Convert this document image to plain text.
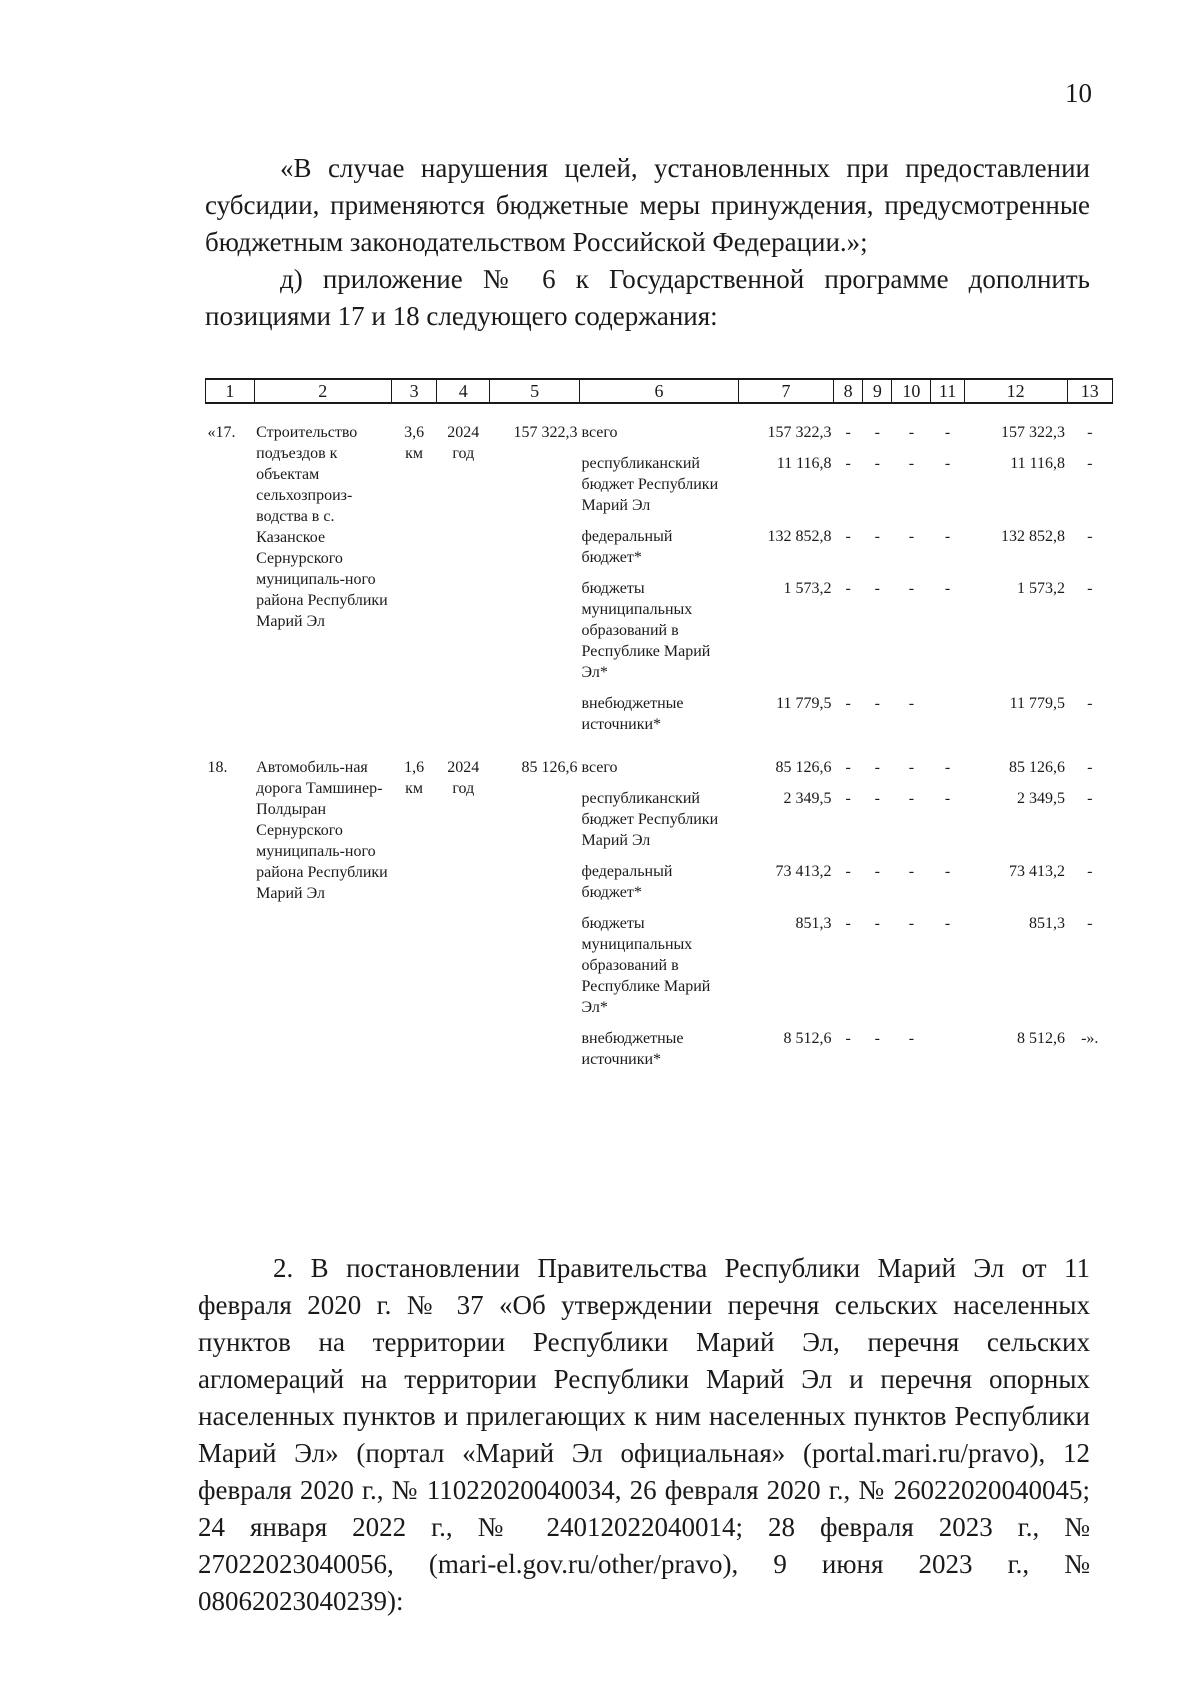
10

«В случае нарушения целей, установленных при предоставлении субсидии, применяются бюджетные меры принуждения, предусмотренные бюджетным законодательством Российской Федерации.»;

д) приложение № 6 к Государственной программе дополнить позициями 17 и 18 следующего содержания:

1	2	3	4	5	6	7	8	9	10	11	12	13

«17.	Строительство подъездов к объектам сельхозпроиз-водства в с. Казанское Сернурского муниципаль-ного района Республики Марий Эл	3,6 км	2024 год	157 322,3	всего	157 322,3	-	-	-	-	157 322,3	-
					республиканский бюджет Республики Марий Эл	11 116,8	-	-	-	-	11 116,8	-
					федеральный бюджет*	132 852,8	-	-	-	-	132 852,8	-
					бюджеты муниципальных образований в Республике Марий Эл*	1 573,2	-	-	-	-	1 573,2	-
					внебюджетные источники*	11 779,5	-	-	-		11 779,5	-
18.	Автомобиль-ная дорога Тамшинер-Полдыран Сернурского муниципаль-ного района Республики Марий Эл	1,6 км	2024 год	85 126,6	всего	85 126,6	-	-	-	-	85 126,6	-
					республиканский бюджет Республики Марий Эл	2 349,5	-	-	-	-	2 349,5	-
					федеральный бюджет*	73 413,2	-	-	-	-	73 413,2	-
					бюджеты муниципальных образований в Республике Марий Эл*	851,3	-	-	-	-	851,3	-
					внебюджетные источники*	8 512,6	-	-	-		8 512,6	-».

2. В постановлении Правительства Республики Марий Эл от 11 февраля 2020 г. № 37 «Об утверждении перечня сельских населенных пунктов на территории Республики Марий Эл, перечня сельских агломераций на территории Республики Марий Эл и перечня опорных населенных пунктов и прилегающих к ним населенных пунктов Республики Марий Эл» (портал «Марий Эл официальная» (portal.mari.ru/pravo), 12 февраля 2020 г., № 11022020040034, 26 февраля 2020 г., № 26022020040045; 24 января 2022 г., № 24012022040014; 28 февраля 2023 г., № 27022023040056, (mari-el.gov.ru/other/pravo), 9 июня 2023 г., № 08062023040239):
